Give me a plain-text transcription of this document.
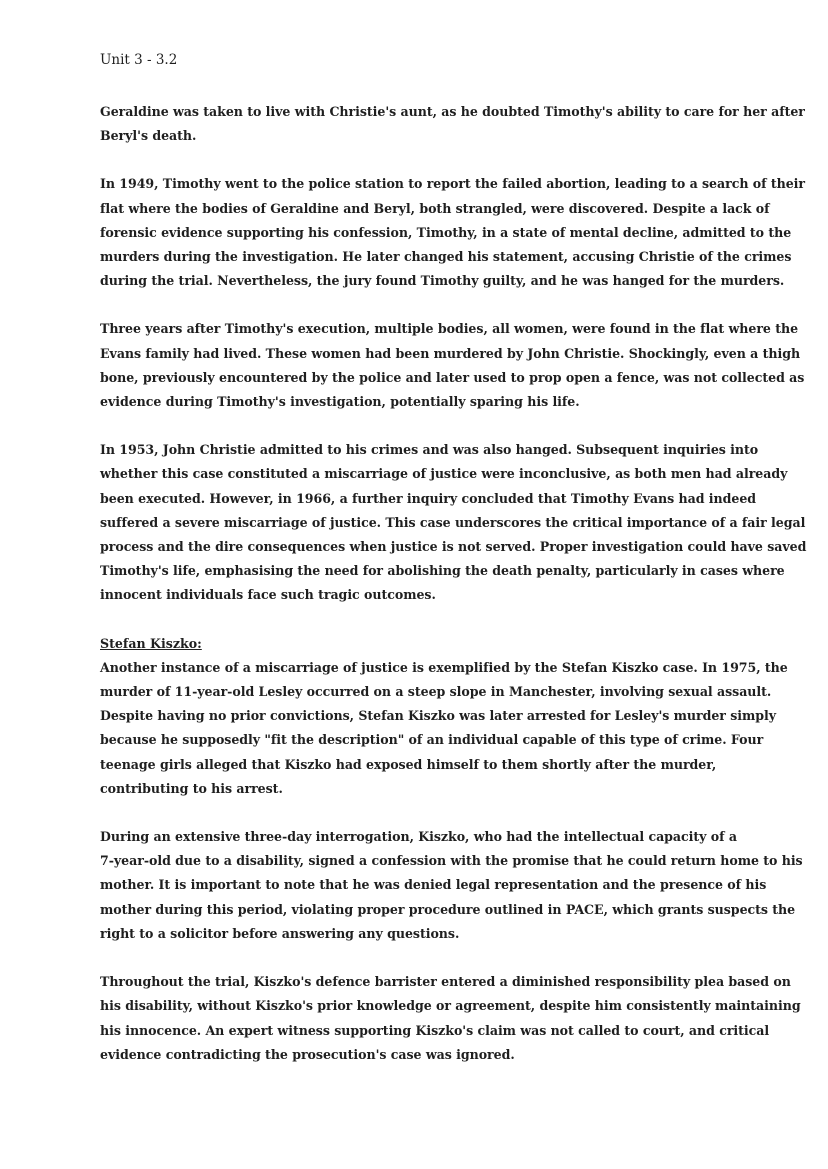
Unit 3 - 3.2
Geraldine was taken to live with Christie's aunt, as he doubted Timothy's ability to care for her after
Beryl's death.
In 1949, Timothy went to the police station to report the failed abortion, leading to a search of their
flat where the bodies of Geraldine and Beryl, both strangled, were discovered. Despite a lack of
forensic evidence supporting his confession, Timothy, in a state of mental decline, admitted to the
murders during the investigation. He later changed his statement, accusing Christie of the crimes
during the trial. Nevertheless, the jury found Timothy guilty, and he was hanged for the murders.
Three years after Timothy's execution, multiple bodies, all women, were found in the flat where the
Evans family had lived. These women had been murdered by John Christie. Shockingly, even a thigh
bone, previously encountered by the police and later used to prop open a fence, was not collected as
evidence during Timothy's investigation, potentially sparing his life.
In 1953, John Christie admitted to his crimes and was also hanged. Subsequent inquiries into
whether this case constituted a miscarriage of justice were inconclusive, as both men had already
been executed. However, in 1966, a further inquiry concluded that Timothy Evans had indeed
suffered a severe miscarriage of justice. This case underscores the critical importance of a fair legal
process and the dire consequences when justice is not served. Proper investigation could have saved
Timothy's life, emphasising the need for abolishing the death penalty, particularly in cases where
innocent individuals face such tragic outcomes.
Stefan Kiszko:
Another instance of a miscarriage of justice is exemplified by the Stefan Kiszko case. In 1975, the
murder of 11-year-old Lesley occurred on a steep slope in Manchester, involving sexual assault.
Despite having no prior convictions, Stefan Kiszko was later arrested for Lesley's murder simply
because he supposedly "fit the description" of an individual capable of this type of crime. Four
teenage girls alleged that Kiszko had exposed himself to them shortly after the murder,
contributing to his arrest.
During an extensive three-day interrogation, Kiszko, who had the intellectual capacity of a
7-year-old due to a disability, signed a confession with the promise that he could return home to his
mother. It is important to note that he was denied legal representation and the presence of his
mother during this period, violating proper procedure outlined in PACE, which grants suspects the
right to a solicitor before answering any questions.
Throughout the trial, Kiszko's defence barrister entered a diminished responsibility plea based on
his disability, without Kiszko's prior knowledge or agreement, despite him consistently maintaining
his innocence. An expert witness supporting Kiszko's claim was not called to court, and critical
evidence contradicting the prosecution's case was ignored.
